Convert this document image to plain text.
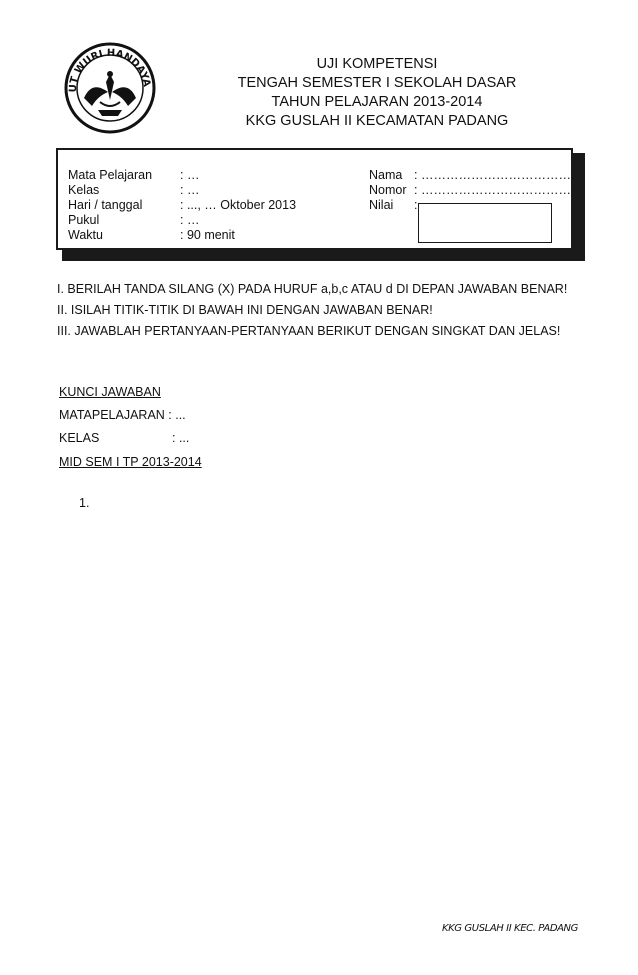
UT WURI HANDAYA
UJI KOMPETENSI
TENGAH SEMESTER I SEKOLAH DASAR
TAHUN PELAJARAN 2013-2014
KKG GUSLAH II KECAMATAN PADANG
Mata Pelajaran : …
Kelas	: …
Hari / tanggal	: ..., … Oktober 2013
Pukul	: …
Waktu	: 90 menit
Nama : ……………………………….
Nomor : ………………………………
Nilai :
I. BERILAH TANDA SILANG (X) PADA HURUF a,b,c ATAU d DI DEPAN JAWABAN BENAR!
II. ISILAH TITIK-TITIK DI BAWAH INI DENGAN JAWABAN BENAR!
III. JAWABLAH PERTANYAAN-PERTANYAAN BERIKUT DENGAN SINGKAT DAN JELAS!
KUNCI JAWABAN
MATAPELAJARAN : ...
KELAS	: ...
MID SEM I TP 2013-2014
1.
KKG GUSLAH II KEC. PADANG
